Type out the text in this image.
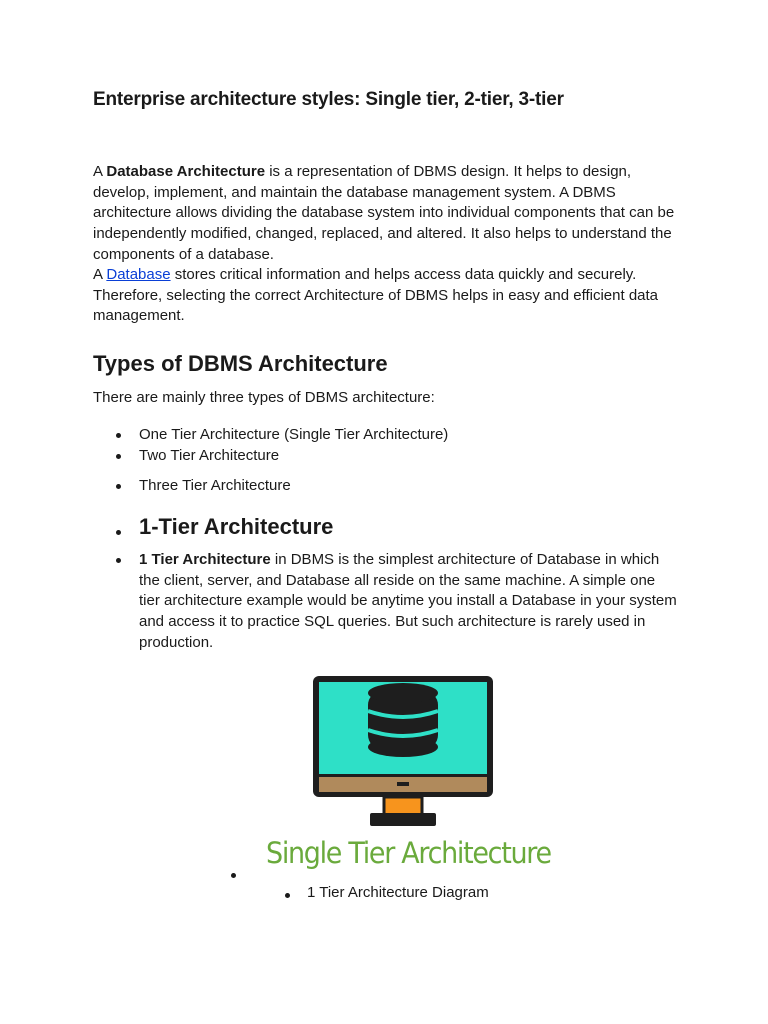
Enterprise architecture styles: Single tier, 2-tier, 3-tier

A Database Architecture is a representation of DBMS design. It helps to design, develop, implement, and maintain the database management system. A DBMS architecture allows dividing the database system into individual components that can be independently modified, changed, replaced, and altered. It also helps to understand the components of a database.

A Database stores critical information and helps access data quickly and securely. Therefore, selecting the correct Architecture of DBMS helps in easy and efficient data management.

Types of DBMS Architecture

There are mainly three types of DBMS architecture:

One Tier Architecture (Single Tier Architecture)
Two Tier Architecture
Three Tier Architecture
1-Tier Architecture

1 Tier Architecture in DBMS is the simplest architecture of Database in which the client, server, and Database all reside on the same machine. A simple one tier architecture example would be anytime you install a Database in your system and access it to practice SQL queries. But such architecture is rarely used in production.

Single Tier Architecture
1 Tier Architecture Diagram
